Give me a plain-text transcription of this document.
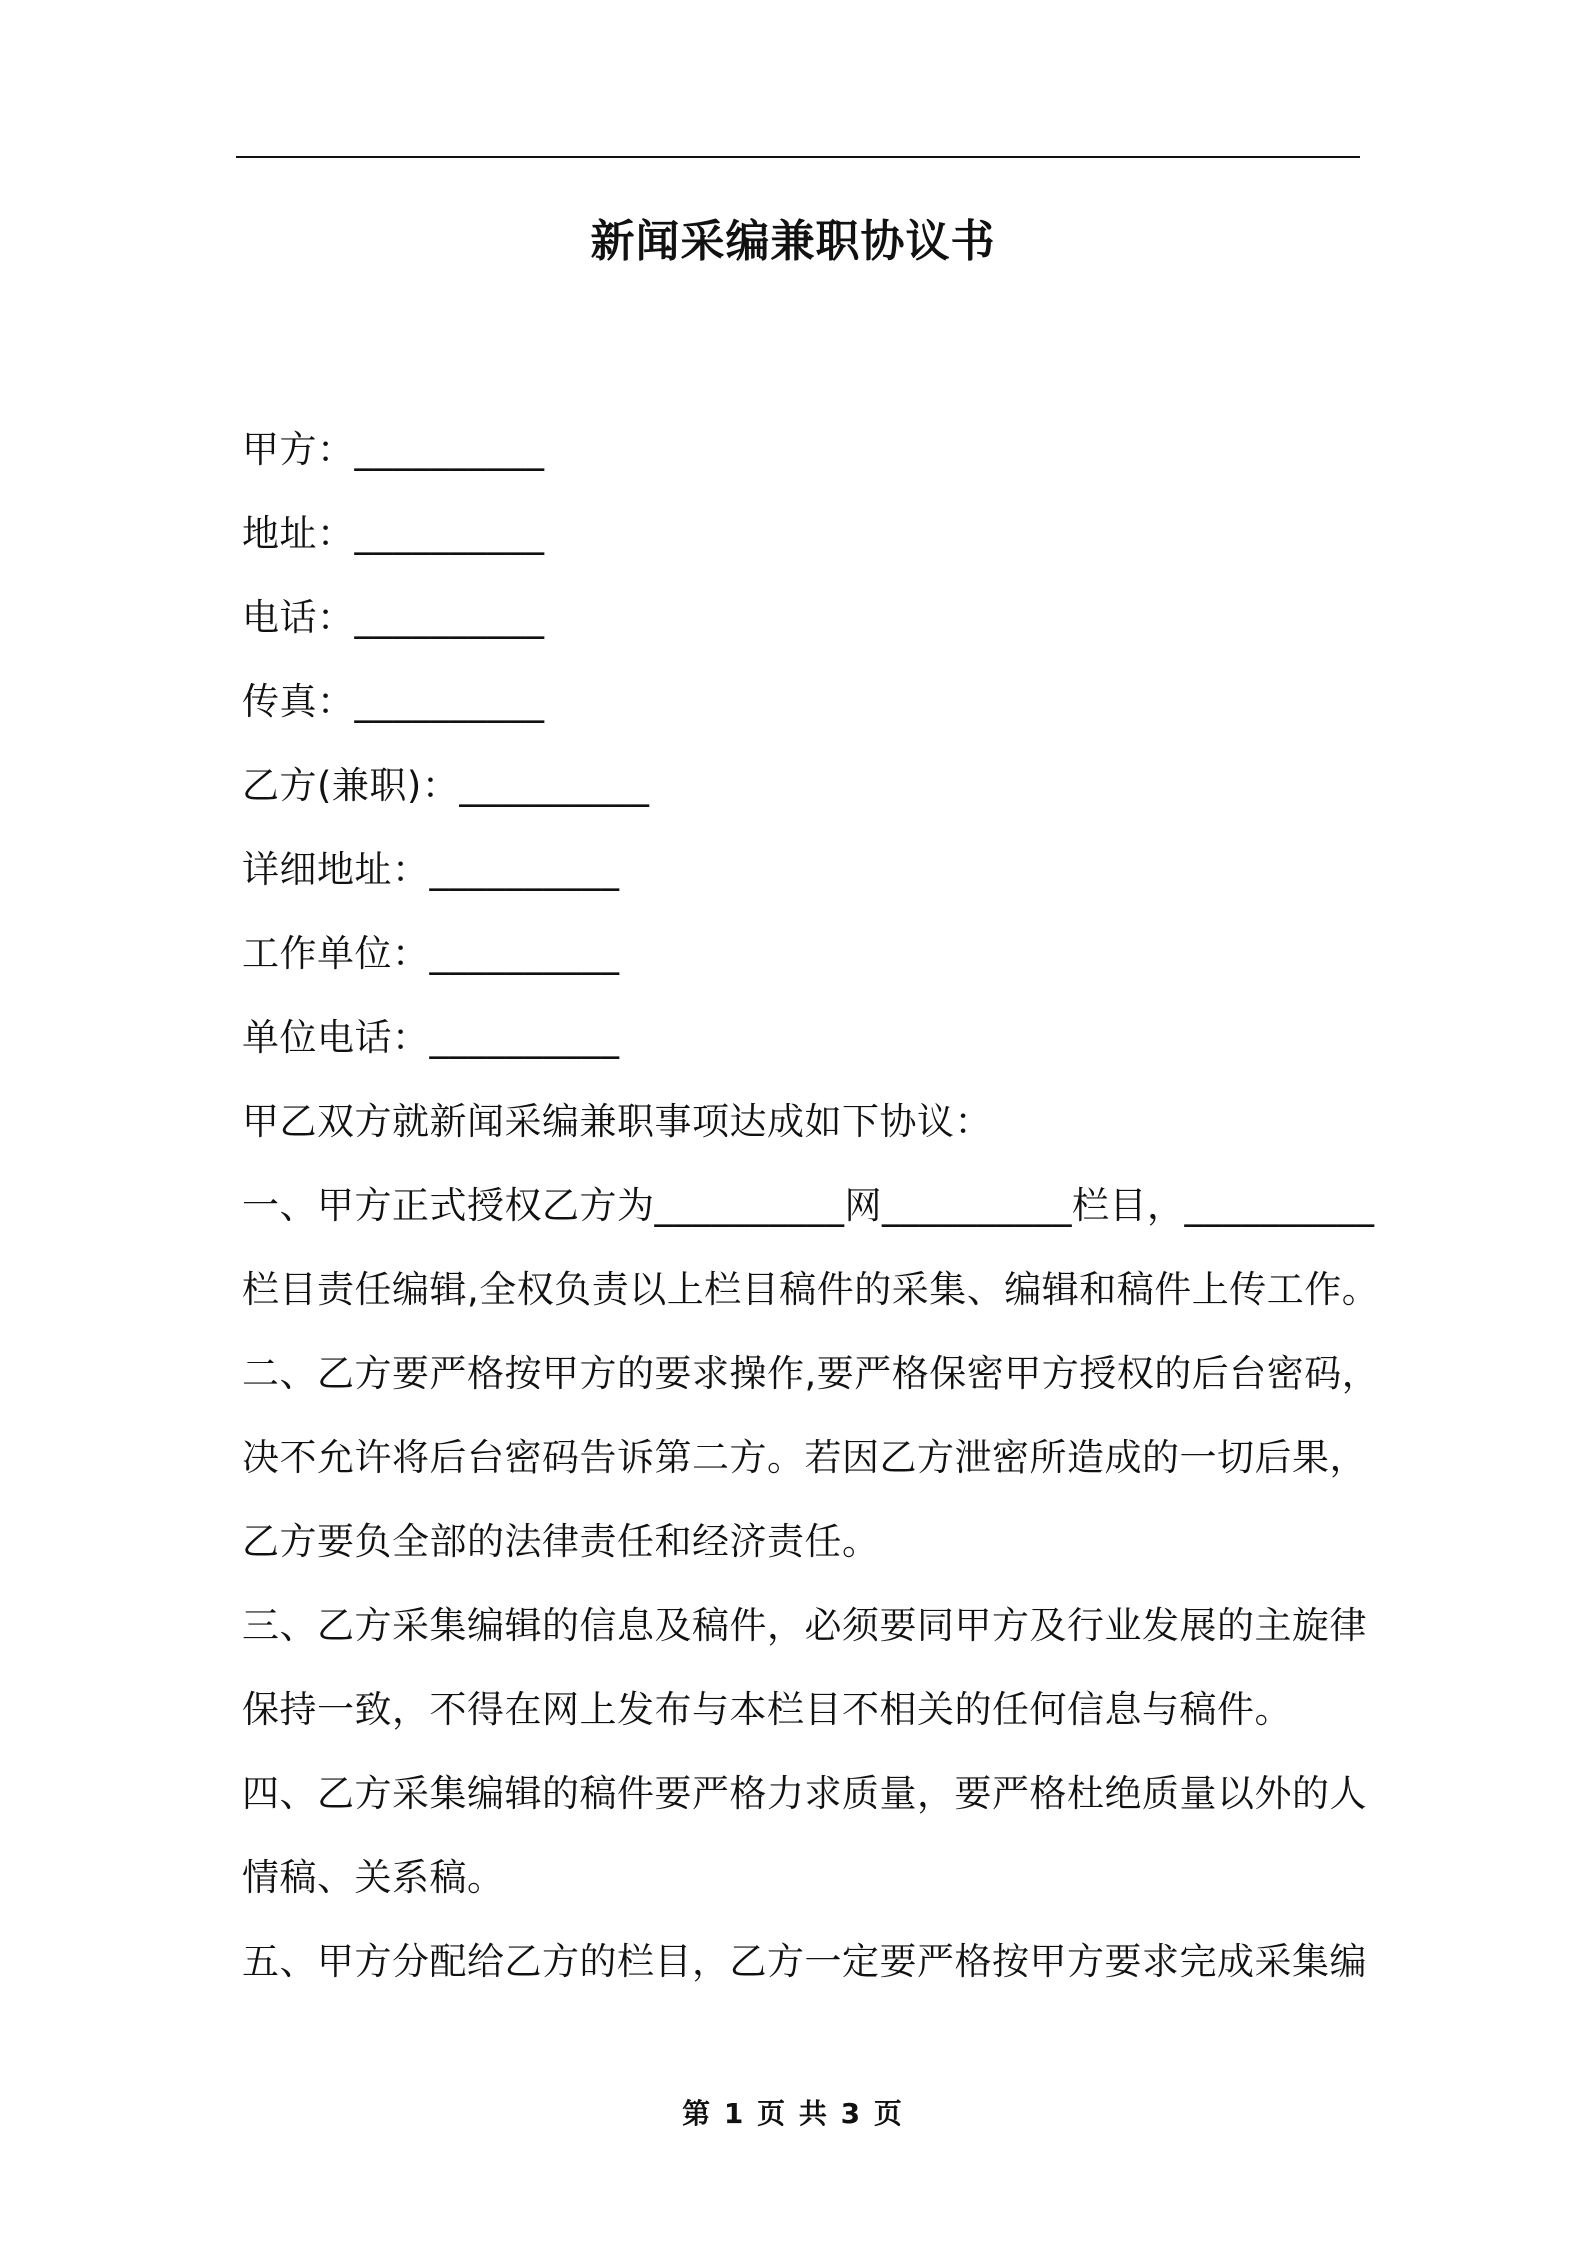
新闻采编兼职协议书

甲方：__________

地址：__________

电话：__________

传真：__________

乙方(兼职)：__________

详细地址：__________

工作单位：__________

单位电话：__________

甲乙双方就新闻采编兼职事项达成如下协议：

一、甲方正式授权乙方为__________网__________栏目，__________

栏目责任编辑,全权负责以上栏目稿件的采集、编辑和稿件上传工作。

二、乙方要严格按甲方的要求操作,要严格保密甲方授权的后台密码，

决不允许将后台密码告诉第二方。若因乙方泄密所造成的一切后果，

乙方要负全部的法律责任和经济责任。

三、乙方采集编辑的信息及稿件，必须要同甲方及行业发展的主旋律

保持一致，不得在网上发布与本栏目不相关的任何信息与稿件。

四、乙方采集编辑的稿件要严格力求质量，要严格杜绝质量以外的人

情稿、关系稿。

五、甲方分配给乙方的栏目，乙方一定要严格按甲方要求完成采集编

第 1 页 共 3 页
